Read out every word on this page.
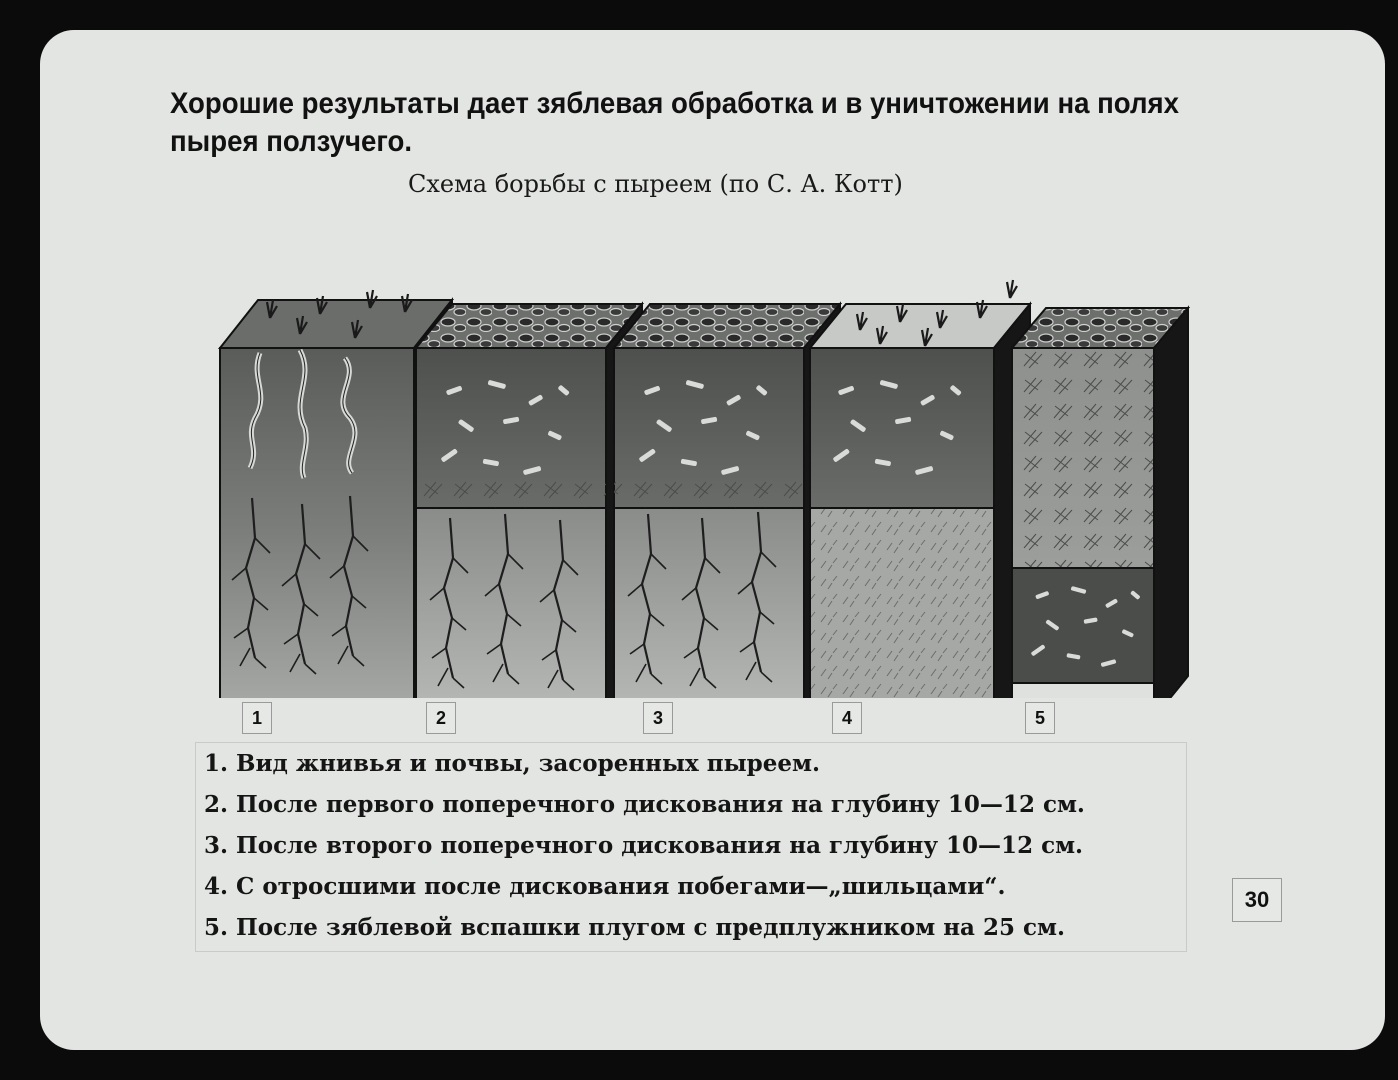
Хорошие результаты дает зяблевая обработка и в уничтожении на полях пырея ползучего.

Схема борьбы с пыреем (по С. А. Котт)

1	2	3	4	5
1. Вид жнивья и почвы, засоренных пыреем.
2. После первого поперечного дискования на глубину 10—12 см.
3. После второго поперечного дискования на глубину 10—12 см.
4. С отросшими после дискования побегами—„шильцами“.
5. После зяблевой вспашки плугом с предплужником на 25 см.
30
